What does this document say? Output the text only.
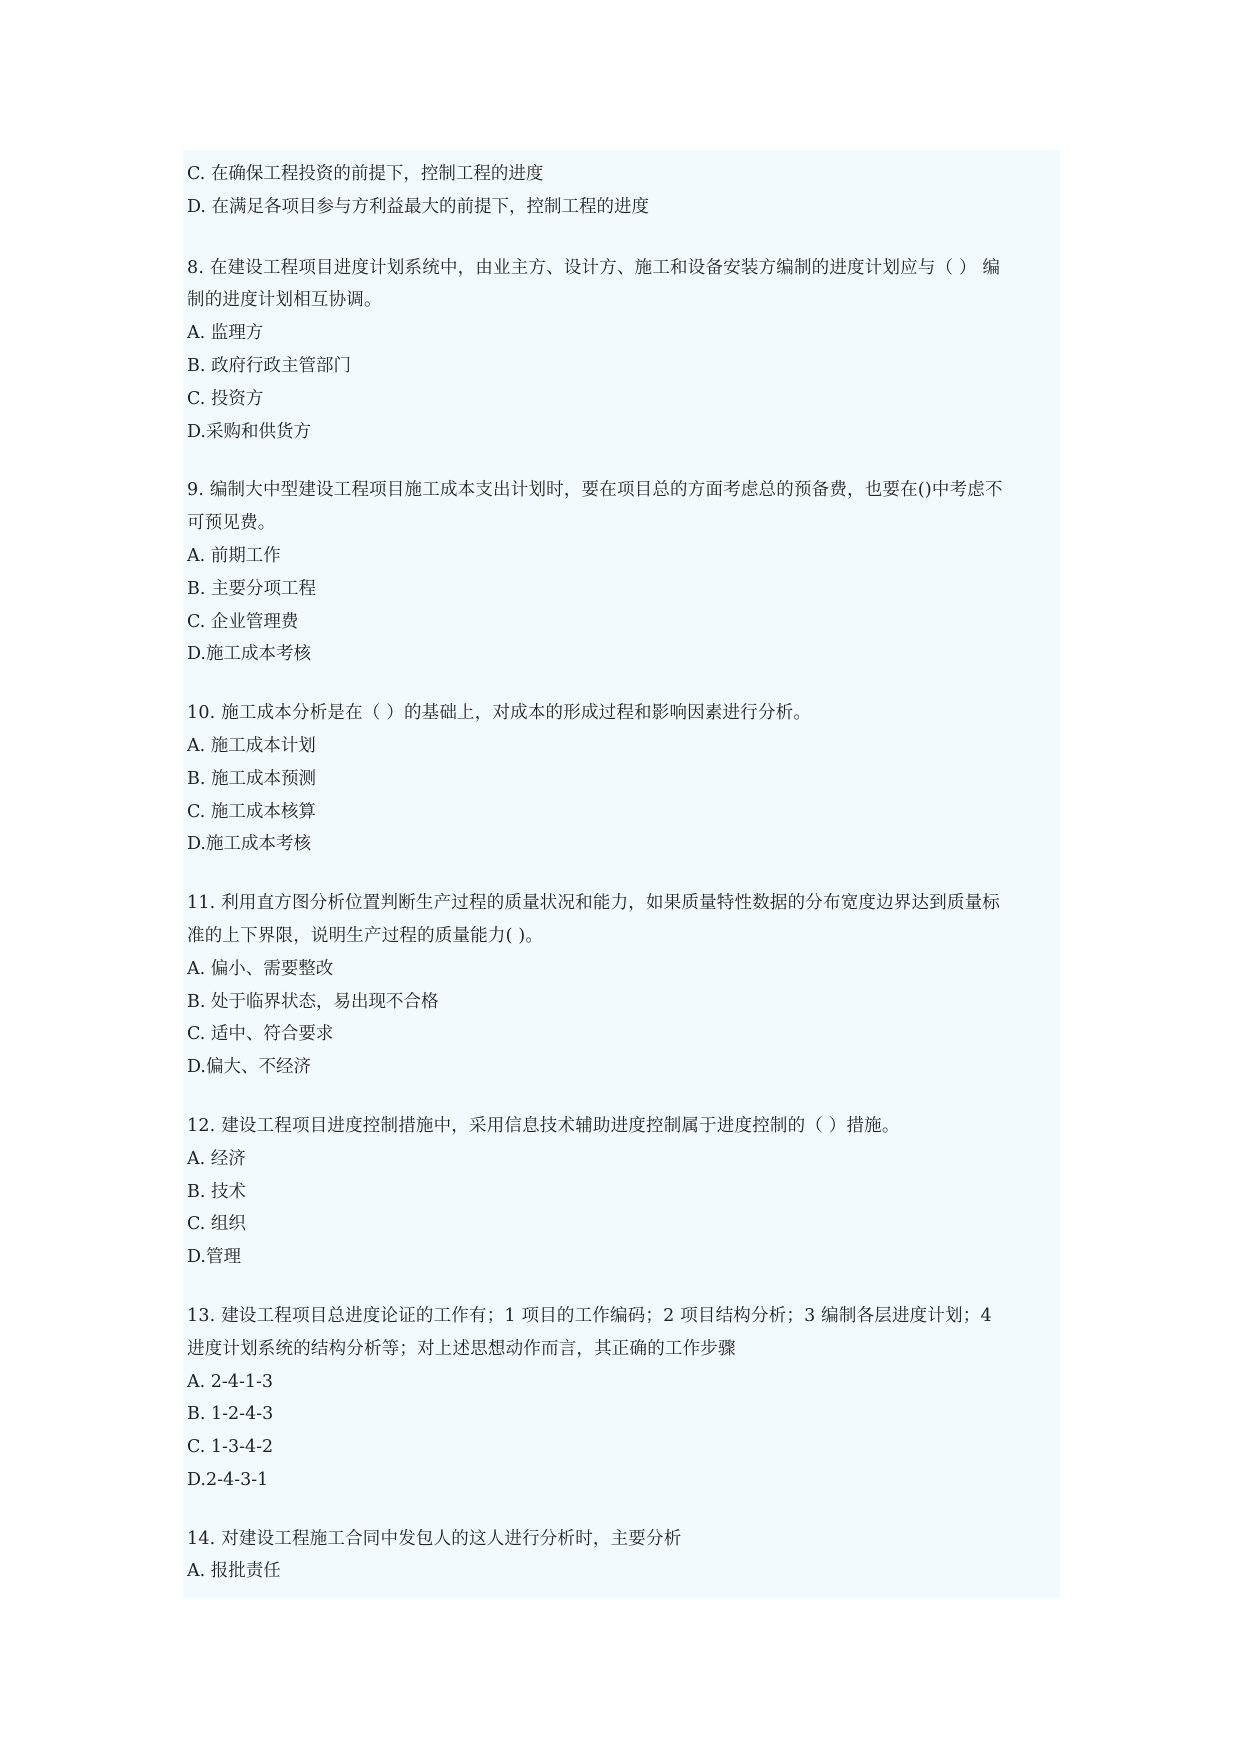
C. 在确保工程投资的前提下，控制工程的进度
D. 在满足各项目参与方利益最大的前提下，控制工程的进度
8. 在建设工程项目进度计划系统中，由业主方、设计方、施工和设备安装方编制的进度计划应与（ ） 编
制的进度计划相互协调。
A. 监理方
B. 政府行政主管部门
C. 投资方
D.采购和供货方
9. 编制大中型建设工程项目施工成本支出计划时，要在项目总的方面考虑总的预备费，也要在()中考虑不
可预见费。
A. 前期工作
B. 主要分项工程
C. 企业管理费
D.施工成本考核
10. 施工成本分析是在（ ）的基础上，对成本的形成过程和影响因素进行分析。
A. 施工成本计划
B. 施工成本预测
C. 施工成本核算
D.施工成本考核
11. 利用直方图分析位置判断生产过程的质量状况和能力，如果质量特性数据的分布宽度边界达到质量标
准的上下界限，说明生产过程的质量能力( )。
A. 偏小、需要整改
B. 处于临界状态，易出现不合格
C. 适中、符合要求
D.偏大、不经济
12. 建设工程项目进度控制措施中，采用信息技术辅助进度控制属于进度控制的（ ）措施。
A. 经济
B. 技术
C. 组织
D.管理
13. 建设工程项目总进度论证的工作有；1 项目的工作编码；2 项目结构分析；3 编制各层进度计划；4
进度计划系统的结构分析等；对上述思想动作而言，其正确的工作步骤
A. 2-4-1-3
B. 1-2-4-3
C. 1-3-4-2
D.2-4-3-1
14. 对建设工程施工合同中发包人的这人进行分析时，主要分析
A. 报批责任
